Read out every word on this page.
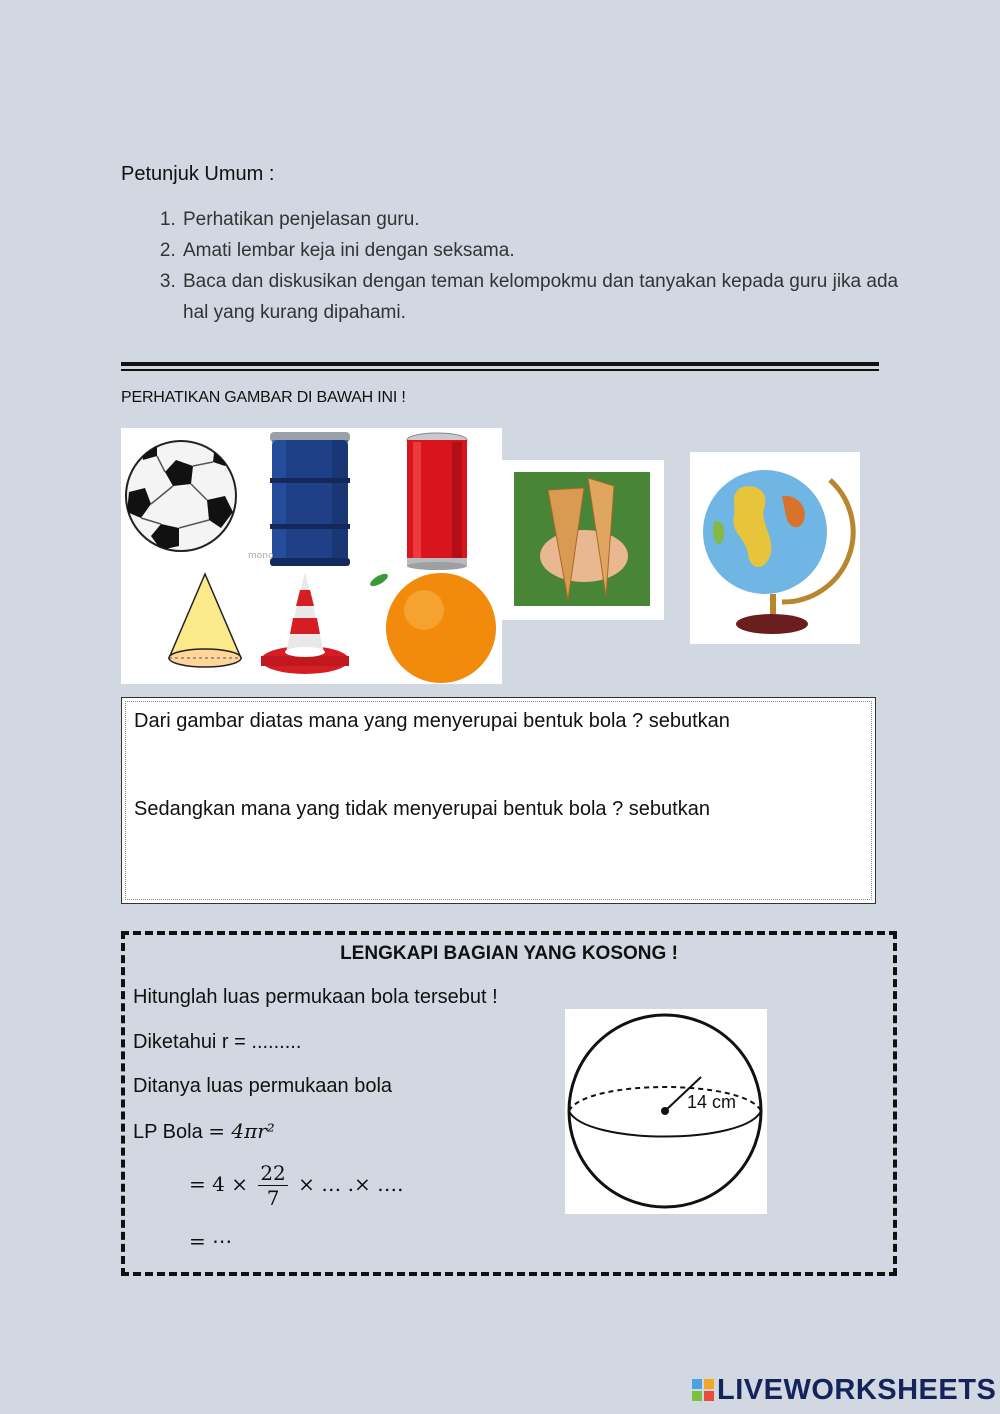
Petunjuk Umum :
1. Perhatikan penjelasan guru.
2. Amati lembar keja ini dengan seksama.
3. Baca dan diskusikan dengan teman kelompokmu dan tanyakan kepada guru jika ada hal yang kurang dipahami.
PERHATIKAN GAMBAR DI BAWAH INI !
mono
Dari gambar diatas mana yang menyerupai bentuk bola ? sebutkan
Sedangkan mana yang tidak menyerupai bentuk bola ? sebutkan
LENGKAPI BAGIAN YANG KOSONG !
Hitunglah luas permukaan bola tersebut !
Diketahui r = .........
Ditanya luas permukaan bola
LP Bola = 4πr²
= $4 \times \frac{22}{7}$ × … .× ….
= ⋯
14 cm
LIVEWORKSHEETS
